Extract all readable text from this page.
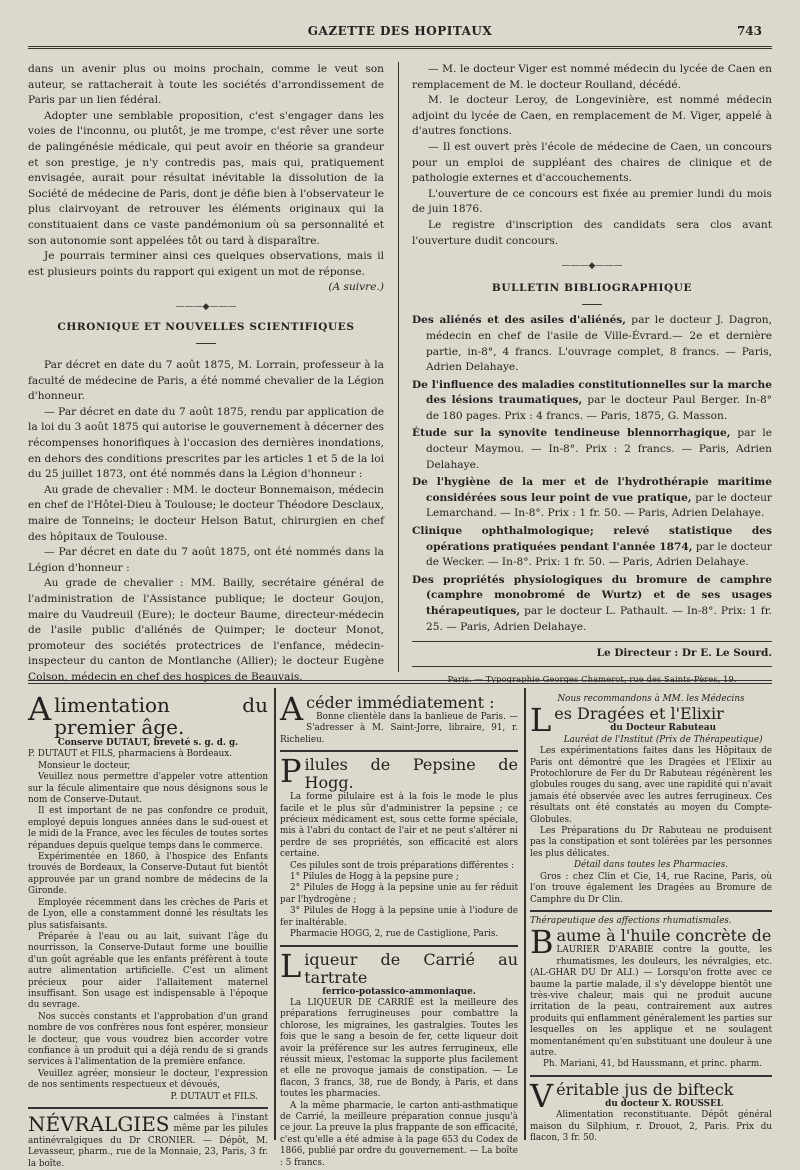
GAZETTE DES HOPITAUX	743

dans un avenir plus ou moins prochain, comme le veut son auteur, se rattacherait à toute les sociétés d'arrondissement de Paris par un lien fédéral.

Adopter une semblable proposition, c'est s'engager dans les voies de l'inconnu, ou plutôt, je me trompe, c'est rêver une sorte de palingénésie médicale, qui peut avoir en théorie sa grandeur et son prestige, je n'y contredis pas, mais qui, pratiquement envisagée, aurait pour résultat inévitable la dissolution de la Société de médecine de Paris, dont je défie bien à l'observateur le plus clairvoyant de retrouver les éléments originaux qui la constituaient dans ce vaste pandémonium où sa personnalité et son autonomie sont appelées tôt ou tard à disparaître.

Je pourrais terminer ainsi ces quelques observations, mais il est plusieurs points du rapport qui exigent un mot de réponse.

(A suivre.)
———◆———
CHRONIQUE ET NOUVELLES SCIENTIFIQUES

Par décret en date du 7 août 1875, M. Lorrain, professeur à la faculté de médecine de Paris, a été nommé chevalier de la Légion d'honneur.

— Par décret en date du 7 août 1875, rendu par application de la loi du 3 août 1875 qui autorise le gouvernement à décerner des récompenses honorifiques à l'occasion des dernières inondations, en dehors des conditions prescrites par les articles 1 et 5 de la loi du 25 juillet 1873, ont été nommés dans la Légion d'honneur :

Au grade de chevalier : MM. le docteur Bonnemaison, médecin en chef de l'Hôtel-Dieu à Toulouse; le docteur Théodore Desclaux, maire de Tonneins; le docteur Helson Batut, chirurgien en chef des hôpitaux de Toulouse.

— Par décret en date du 7 août 1875, ont été nommés dans la Légion d'honneur :

Au grade de chevalier : MM. Bailly, secrétaire général de l'administration de l'Assistance publique; le docteur Goujon, maire du Vaudreuil (Eure); le docteur Baume, directeur-médecin de l'asile public d'aliénés de Quimper; le docteur Monot, promoteur des sociétés protectrices de l'enfance, médecin-inspecteur du canton de Montlanche (Allier); le docteur Eugène Colson, médecin en chef des hospices de Beauvais.

— M. le docteur Viger est nommé médecin du lycée de Caen en remplacement de M. le docteur Roulland, décédé.

M. le docteur Leroy, de Longevinière, est nommé médecin adjoint du lycée de Caen, en remplacement de M. Viger, appelé à d'autres fonctions.

— Il est ouvert près l'école de médecine de Caen, un concours pour un emploi de suppléant des chaires de clinique et de pathologie externes et d'accouchements.

L'ouverture de ce concours est fixée au premier lundi du mois de juin 1876.

Le registre d'inscription des candidats sera clos avant l'ouverture dudit concours.

———◆———
BULLETIN BIBLIOGRAPHIQUE

Des aliénés et des asiles d'aliénés, par le docteur J. Dagron, médecin en chef de l'asile de Ville-Évrard.— 2e et dernière partie, in-8°, 4 francs. L'ouvrage complet, 8 francs. — Paris, Adrien Delahaye.

De l'influence des maladies constitutionnelles sur la marche des lésions traumatiques, par le docteur Paul Berger. In-8° de 180 pages. Prix : 4 francs. — Paris, 1875, G. Masson.

Étude sur la synovite tendineuse blennorrhagique, par le docteur Maymou. — In-8°. Prix : 2 francs. — Paris, Adrien Delahaye.

De l'hygiène de la mer et de l'hydrothérapie maritime considérées sous leur point de vue pratique, par le docteur Lemarchand. — In-8°. Prix : 1 fr. 50. — Paris, Adrien Delahaye.

Clinique ophthalmologique; relevé statistique des opérations pratiquées pendant l'année 1874, par le docteur de Wecker. — In-8°. Prix: 1 fr. 50. — Paris, Adrien Delahaye.

Des propriétés physiologiques du bromure de camphre (camphre monobromé de Wurtz) et de ses usages thérapeutiques, par le docteur L. Pathault. — In-8°. Prix: 1 fr. 25. — Paris, Adrien Delahaye.

Le Directeur : Dr E. Le Sourd.
Paris. — Typographie Georges Chamerot, rue des Saints-Pères, 19.

Alimentation du premier âge.

Conserve DUTAUT, breveté s. g. d. g.

P. DUTAUT et FILS, pharmaciens à Bordeaux.

Monsieur le docteur,

Veuillez nous permettre d'appeler votre attention sur la fécule alimentaire que nous désignons sous le nom de Conserve-Dutaut.

Il est important de ne pas confondre ce produit, employé depuis longues années dans le sud-ouest et le midi de la France, avec les fécules de toutes sortes répandues depuis quelque temps dans le commerce.

Expérimentée en 1860, à l'hospice des Enfants trouvés de Bordeaux, la Conserve-Dutaut fut bientôt approuvée par un grand nombre de médecins de la Gironde.

Employée récemment dans les crèches de Paris et de Lyon, elle a constamment donné les résultats les plus satisfaisants.

Préparée à l'eau ou au lait, suivant l'âge du nourrisson, la Conserve-Dutaut forme une bouillie d'un goût agréable que les enfants préfèrent à toute autre alimentation artificielle. C'est un aliment précieux pour aider l'allaitement maternel insuffisant. Son usage est indispensable à l'époque du sevrage.

Nos succès constants et l'approbation d'un grand nombre de vos confrères nous font espérer, monsieur le docteur, que vous voudrez bien accorder votre confiance à un produit qui a déjà rendu de si grands services à l'alimentation de la première enfance.

Veuillez agréer, monsieur le docteur, l'expression de nos sentiments respectueux et dévoués,

P. DUTAUT et FILS.

NÉVRALGIES calmées à l'instant même par les pilules antinévralgiques du Dr CRONIER. — Dépôt, M. Levasseur, pharm., rue de la Monnaie, 23, Paris, 3 fr. la boîte.

Acéder immédiatement :

Bonne clientèle dans la banlieue de Paris. — S'adresser à M. Saint-Jorre, libraire, 91, r. Richelieu.

Pilules de Pepsine de Hogg.

La forme pilulaire est à la fois le mode le plus facile et le plus sûr d'administrer la pepsine ; ce précieux médicament est, sous cette forme spéciale, mis à l'abri du contact de l'air et ne peut s'altérer ni perdre de ses propriétés, son efficacité est alors certaine.

Ces pilules sont de trois préparations différentes :

1° Pilules de Hogg à la pepsine pure ;

2° Pilules de Hogg à la pepsine unie au fer réduit par l'hydrogène ;

3° Pilules de Hogg à la pepsine unie à l'iodure de fer inaltérable.

Pharmacie HOGG, 2, rue de Castiglione, Paris.

Liqueur de Carrié au tartrate

ferrico-potassico-ammoniaque.

La LIQUEUR DE CARRIÉ est la meilleure des préparations ferrugineuses pour combattre la chlorose, les migraines, les gastralgies. Toutes les fois que le sang a besoin de fer, cette liqueur doit avoir la préférence sur les autres ferrugineux, elle réussit mieux, l'estomac la supporte plus facilement et elle ne provoque jamais de constipation. — Le flacon, 3 francs, 38, rue de Bondy, à Paris, et dans toutes les pharmacies.

A la même pharmacie, le carton anti-asthmatique de Carrié, la meilleure préparation connue jusqu'à ce jour. La preuve la plus frappante de son efficacité, c'est qu'elle a été admise à la page 653 du Codex de 1866, publié par ordre du gouvernement. — La boîte : 5 francs.

Nous recommandons à MM. les Médecins

Les Dragées et l'Elixir

du Docteur Rabuteau

Lauréat de l'Institut (Prix de Thérapeutique)

Les expérimentations faites dans les Hôpitaux de Paris ont démontré que les Dragées et l'Elixir au Protochlorure de Fer du Dr Rabuteau régénèrent les globules rouges du sang, avec une rapidité qui n'avait jamais été observée avec les autres ferrugineux. Ces résultats ont été constatés au moyen du Compte-Globules.

Les Préparations du Dr Rabuteau ne produisent pas la constipation et sont tolérées par les personnes les plus délicates.

Détail dans toutes les Pharmacies.

Gros : chez Clin et Cie, 14, rue Racine, Paris, où l'on trouve également les Dragées au Bromure de Camphre du Dr Clin.

Thérapeutique des affections rhumatismales.

Baume à l'huile concrète de

LAURIER D'ARABIE contre la goutte, les rhumatismes, les douleurs, les névralgies, etc. (AL-GHAR DU Dr ALI.) — Lorsqu'on frotte avec ce baume la partie malade, il s'y développe bientôt une très-vive chaleur, mais qui ne produit aucune irritation de la peau, contrairement aux autres produits qui enflamment généralement les parties sur lesquelles on les applique et ne soulagent momentanément qu'en substituant une douleur à une autre.

Ph. Mariani, 41, bd Haussmann, et princ. pharm.

Véritable jus de bifteck

du docteur X. ROUSSEL

Alimentation reconstituante. Dépôt général maison du Silphium, r. Drouot, 2, Paris. Prix du flacon, 3 fr. 50.
